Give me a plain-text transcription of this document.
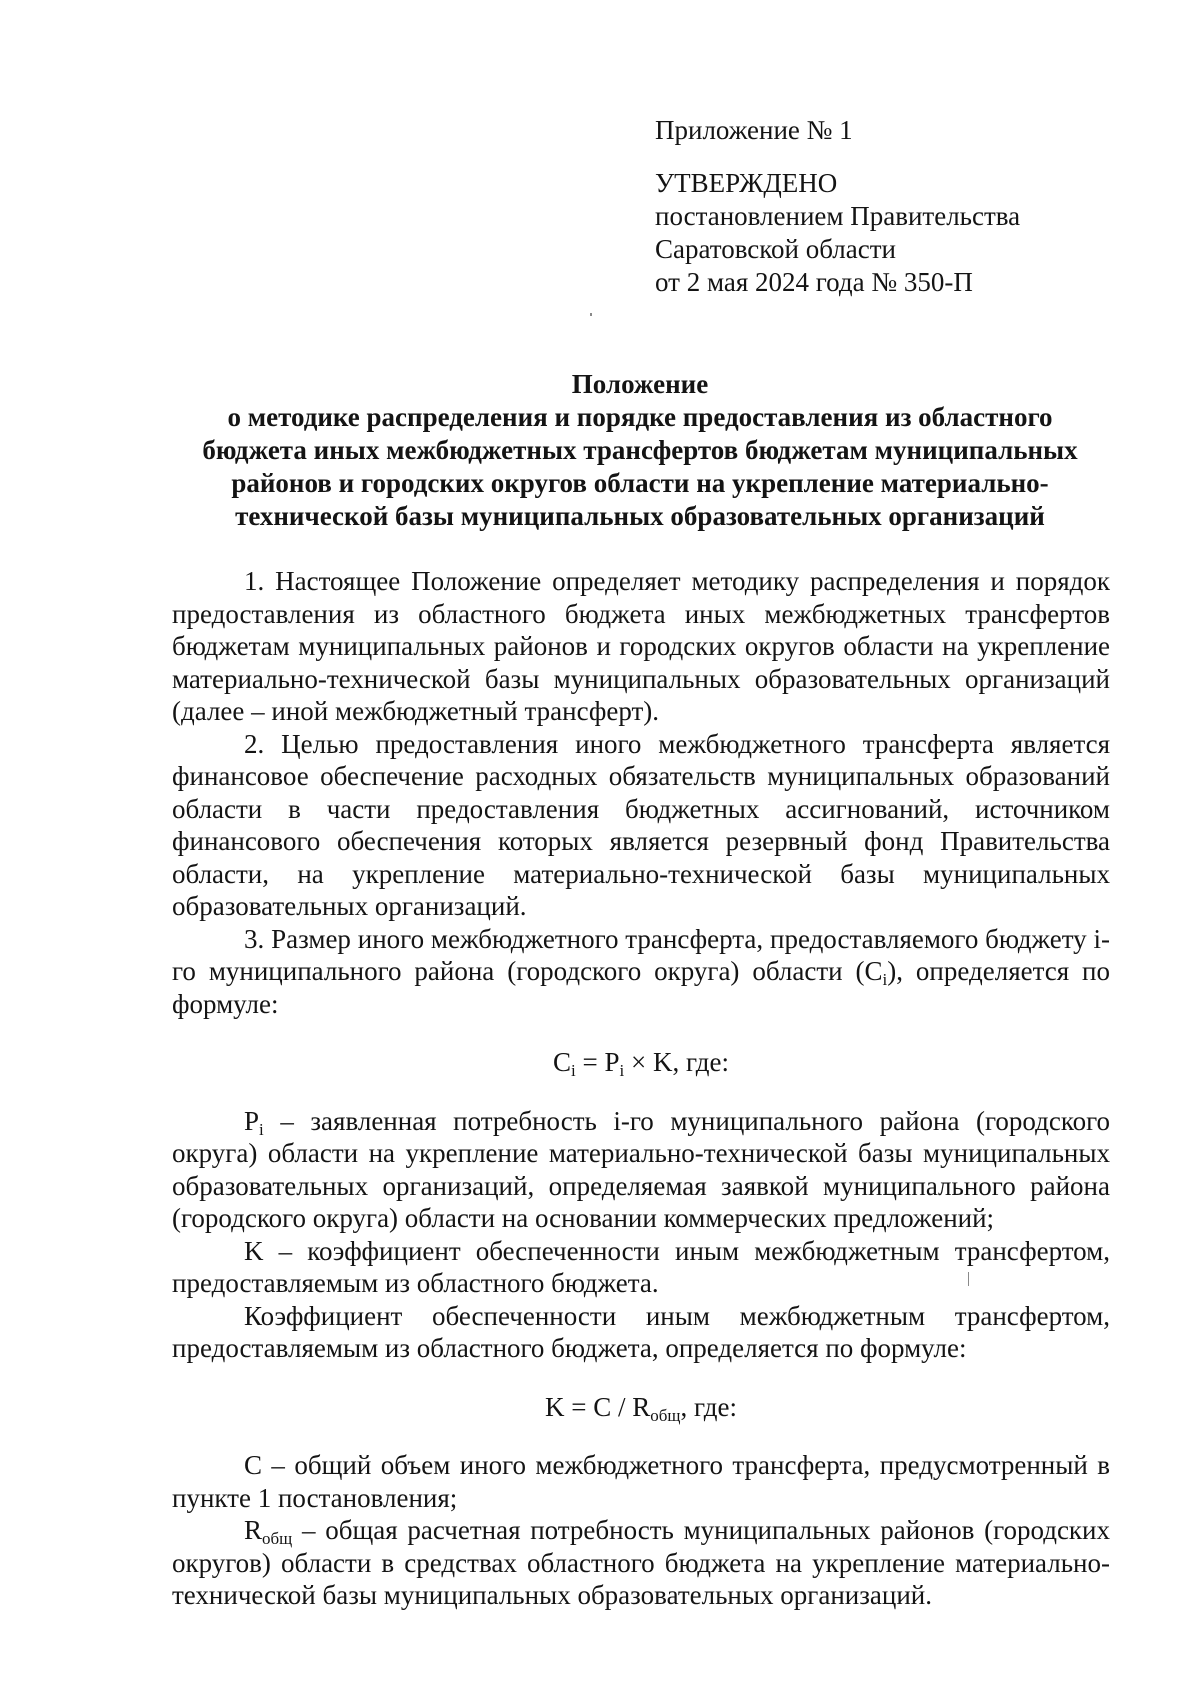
Приложение № 1
УТВЕРЖДЕНО
постановлением Правительства
Саратовской области
от 2 мая 2024 года № 350-П
Положение
о методике распределения и порядке предоставления из областного
бюджета иных межбюджетных трансфертов бюджетам муниципальных
районов и городских округов области на укрепление материально-
технической базы муниципальных образовательных организаций

1. Настоящее Положение определяет методику распределения и порядок предоставления из областного бюджета иных межбюджетных трансфертов бюджетам муниципальных районов и городских округов области на укрепление материально-технической базы муниципальных образовательных организаций (далее – иной межбюджетный трансферт).

2. Целью предоставления иного межбюджетного трансферта является финансовое обеспечение расходных обязательств муниципальных образований области в части предоставления бюджетных ассигнований, источником финансового обеспечения которых является резервный фонд Правительства области, на укрепление материально-технической базы муниципальных образовательных организаций.

3. Размер иного межбюджетного трансферта, предоставляемого бюджету i-го муниципального района (городского округа) области $(C_i)$, определяется по формуле:

$C_i = P_i \times K$, где:

$P_i$ – заявленная потребность i-го муниципального района (городского округа) области на укрепление материально-технической базы муниципальных образовательных организаций, определяемая заявкой муниципального района (городского округа) области на основании коммерческих предложений;

K – коэффициент обеспеченности иным межбюджетным трансфертом, предоставляемым из областного бюджета.

Коэффициент обеспеченности иным межбюджетным трансфертом, предоставляемым из областного бюджета, определяется по формуле:

$K = C / R_{общ}$, где:

C – общий объем иного межбюджетного трансферта, предусмотренный в пункте 1 постановления;

$R_{общ}$ – общая расчетная потребность муниципальных районов (городских округов) области в средствах областного бюджета на укрепление материально-технической базы муниципальных образовательных организаций.
